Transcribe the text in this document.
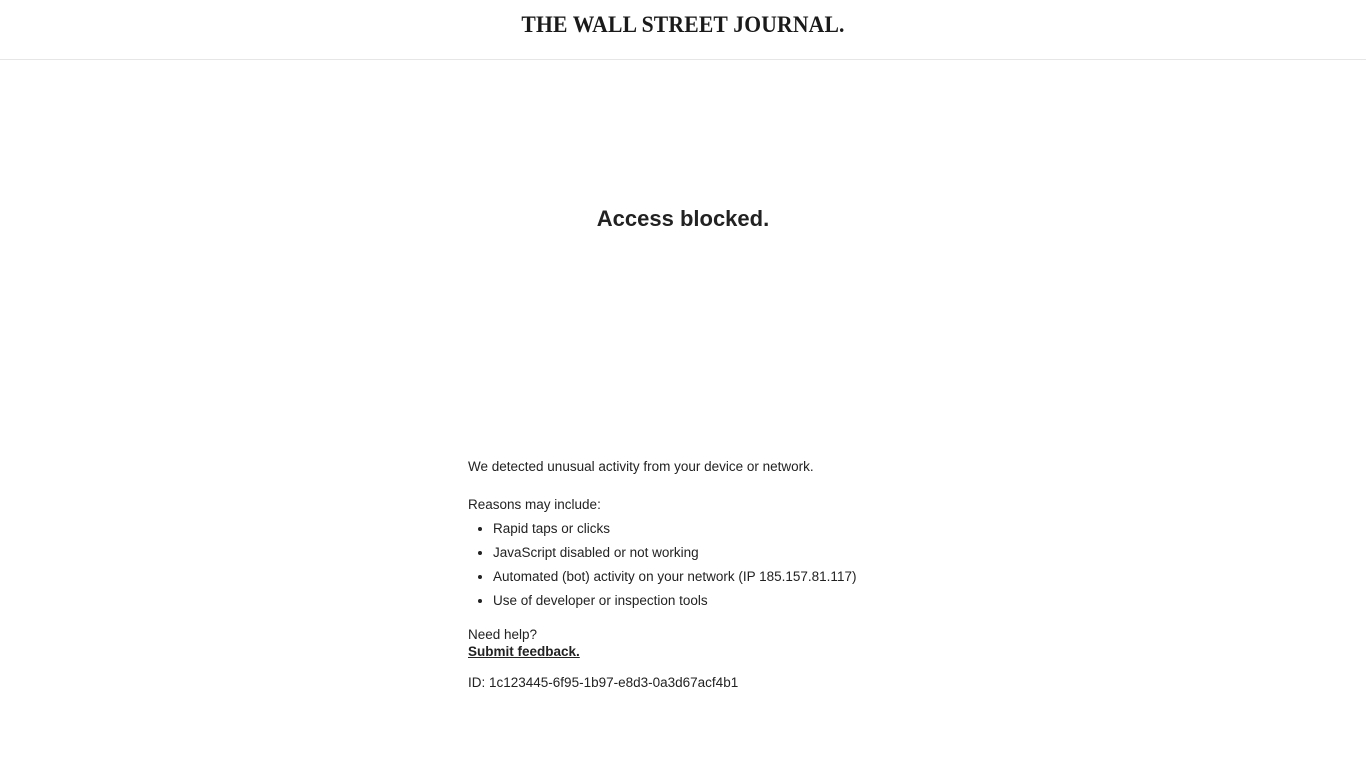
THE WALL STREET JOURNAL.
Access blocked.

We detected unusual activity from your device or network.

Reasons may include:

• Rapid taps or clicks
• JavaScript disabled or not working
• Automated (bot) activity on your network (IP 185.157.81.117)
• Use of developer or inspection tools

Need help?
Submit feedback.

ID: 1c123445-6f95-1b97-e8d3-0a3d67acf4b1
